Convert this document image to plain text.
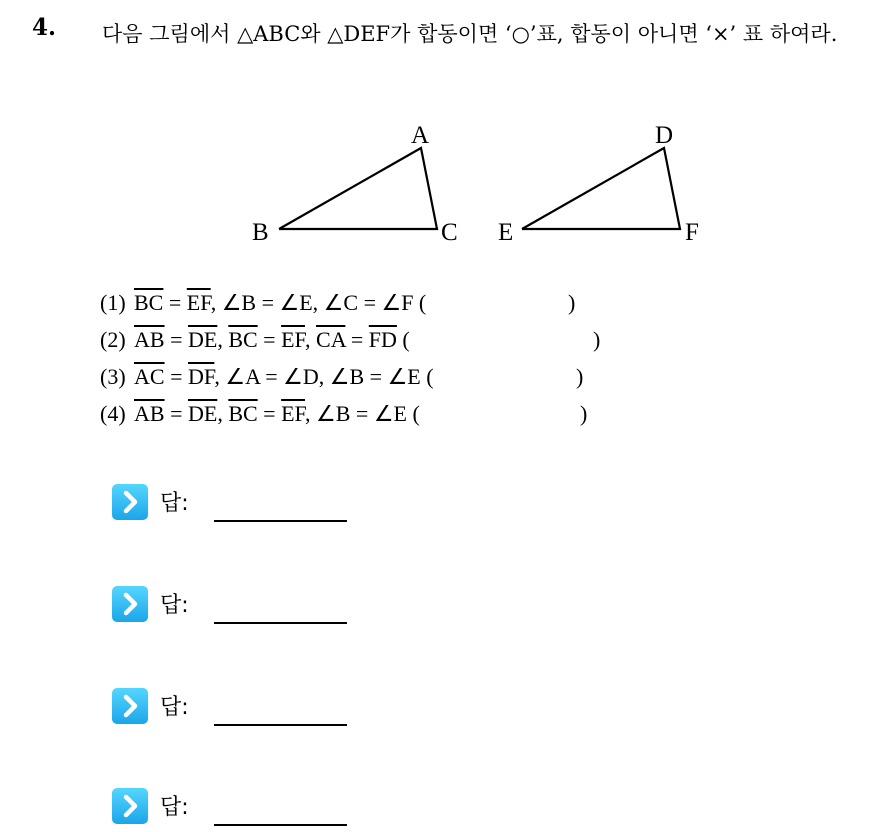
4. 다음 그림에서 △ABC와 △DEF가 합동이면 ‘○’표, 합동이 아니면 ‘×’ 표 하여라.
A
B	C
D
E	F
(1) $\overline{BC} = \overline{EF}$, ∠B = ∠E, ∠C = ∠F (	)
(2) $\overline{AB} = \overline{DE}$, $\overline{BC} = \overline{EF}$, $\overline{CA} = \overline{FD}$ (	)
(3) $\overline{AC} = \overline{DF}$, ∠A = ∠D, ∠B = ∠E (	)
(4) $\overline{AB} = \overline{DE}$, $\overline{BC} = \overline{EF}$, ∠B = ∠E (	)
답:
답:
답:
답:
